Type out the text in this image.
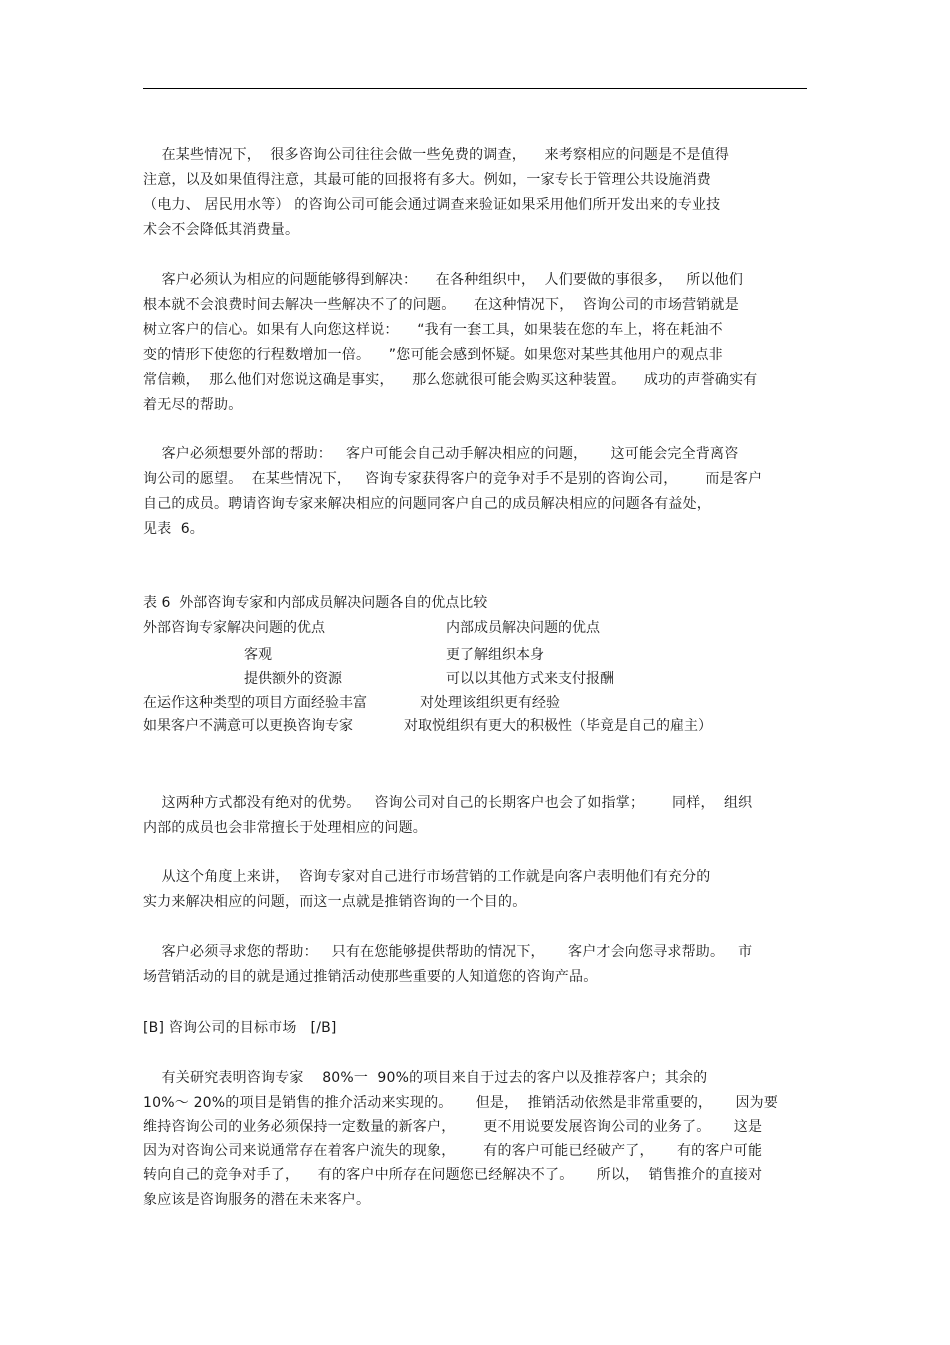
在某些情况下，  很多咨询公司往往会做一些免费的调查，    来考察相应的问题是不是值得
注意，以及如果值得注意，其最可能的回报将有多大。例如，一家专长于管理公共设施消费
（电力、 居民用水等） 的咨询公司可能会通过调查来验证如果采用他们所开发出来的专业技
术会不会降低其消费量。
客户必须认为相应的问题能够得到解决：    在各种组织中，  人们要做的事很多，   所以他们
根本就不会浪费时间去解决一些解决不了的问题。    在这种情况下，  咨询公司的市场营销就是
树立客户的信心。如果有人向您这样说：    “我有一套工具，如果装在您的车上，将在耗油不
变的情形下使您的行程数增加一倍。    ”您可能会感到怀疑。如果您对某些其他用户的观点非
常信赖，  那么他们对您说这确是事实，    那么您就很可能会购买这种装置。    成功的声誉确实有
着无尽的帮助。
客户必须想要外部的帮助：   客户可能会自己动手解决相应的问题，     这可能会完全背离咨
询公司的愿望。  在某些情况下，   咨询专家获得客户的竞争对手不是别的咨询公司，      而是客户
自己的成员。聘请咨询专家来解决相应的问题同客户自己的成员解决相应的问题各有益处，
见表  6。
表 6  外部咨询专家和内部成员解决问题各自的优点比较
外部咨询专家解决问题的优点	内部成员解决问题的优点
客观	更了解组织本身
提供额外的资源	可以以其他方式来支付报酬
在运作这种类型的项目方面经验丰富	对处理该组织更有经验
如果客户不满意可以更换咨询专家	对取悦组织有更大的积极性（毕竟是自己的雇主）
这两种方式都没有绝对的优势。   咨询公司对自己的长期客户也会了如指掌；      同样，  组织
内部的成员也会非常擅长于处理相应的问题。
从这个角度上来讲，  咨询专家对自己进行市场营销的工作就是向客户表明他们有充分的
实力来解决相应的问题，而这一点就是推销咨询的一个目的。
客户必须寻求您的帮助：   只有在您能够提供帮助的情况下，     客户才会向您寻求帮助。   市
场营销活动的目的就是通过推销活动使那些重要的人知道您的咨询产品。
[B] 咨询公司的目标市场   [/B]
有关研究表明咨询专家    80%一  90%的项目来自于过去的客户以及推荐客户；其余的
10%～ 20%的项目是销售的推介活动来实现的。     但是，  推销活动依然是非常重要的，     因为要
维持咨询公司的业务必须保持一定数量的新客户，      更不用说要发展咨询公司的业务了。     这是
因为对咨询公司来说通常存在着客户流失的现象，      有的客户可能已经破产了，     有的客户可能
转向自己的竞争对手了，    有的客户中所存在问题您已经解决不了。     所以，  销售推介的直接对
象应该是咨询服务的潜在未来客户。
